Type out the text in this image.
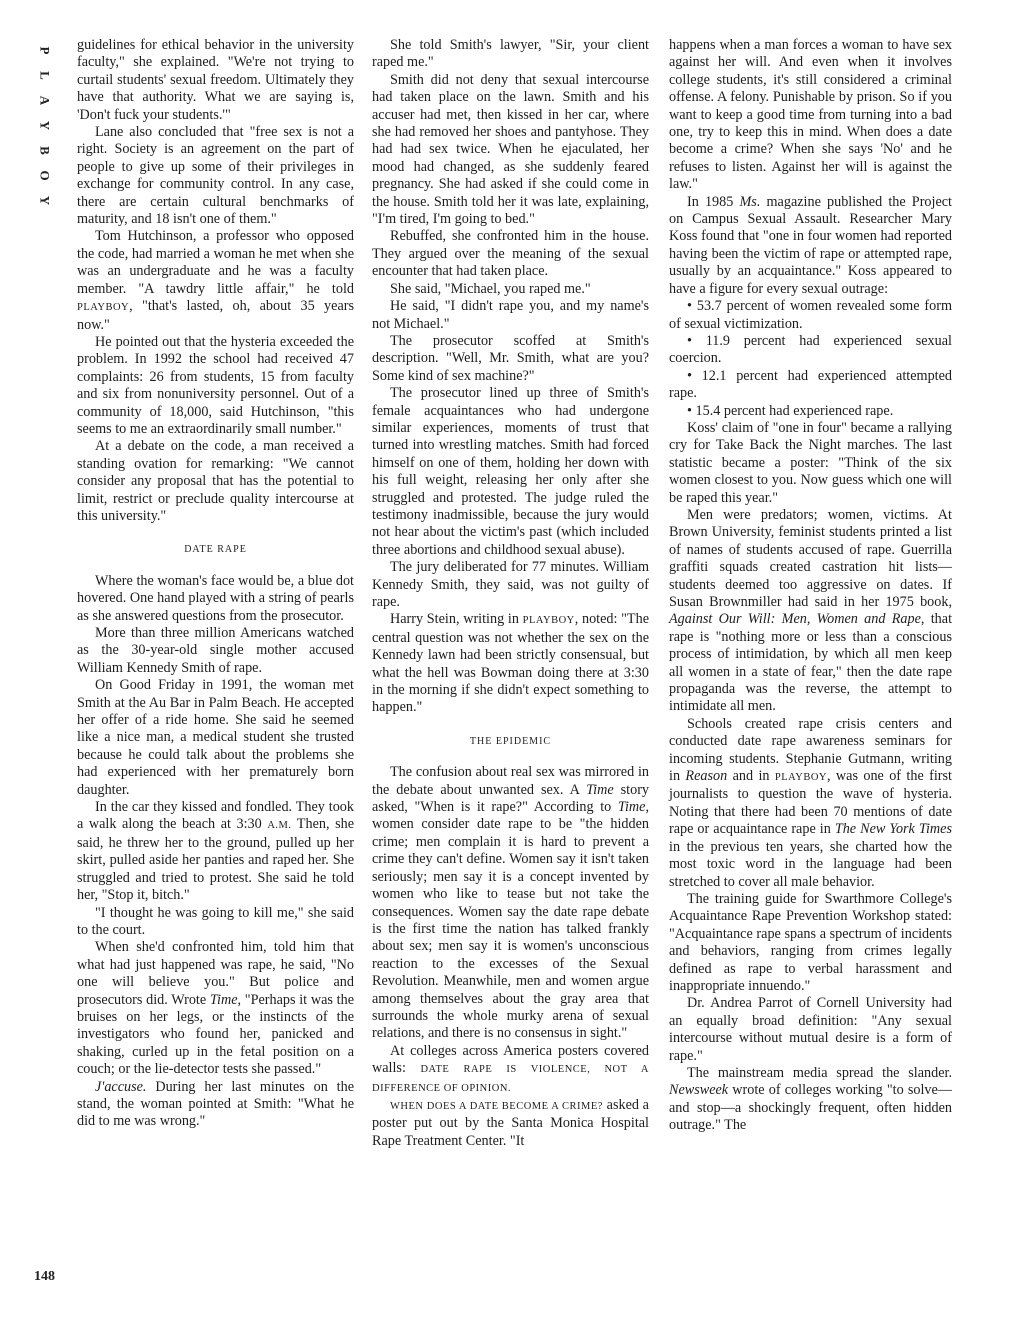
P
L
A
Y
B
O
Y
148

guidelines for ethical behavior in the university faculty," she explained. "We're not trying to curtail students' sexual freedom. Ultimately they have that authority. What we are saying is, 'Don't fuck your students.'"

Lane also concluded that "free sex is not a right. Society is an agreement on the part of people to give up some of their privileges in exchange for community control. In any case, there are certain cultural benchmarks of maturity, and 18 isn't one of them."

Tom Hutchinson, a professor who opposed the code, had married a woman he met when she was an undergraduate and he was a faculty member. "A tawdry little affair," he told PLAYBOY, "that's lasted, oh, about 35 years now."

He pointed out that the hysteria exceeded the problem. In 1992 the school had received 47 complaints: 26 from students, 15 from faculty and six from nonuniversity personnel. Out of a community of 18,000, said Hutchinson, "this seems to me an extraordinarily small number."

At a debate on the code, a man received a standing ovation for remarking: "We cannot consider any proposal that has the potential to limit, restrict or preclude quality intercourse at this university."

DATE RAPE

Where the woman's face would be, a blue dot hovered. One hand played with a string of pearls as she answered questions from the prosecutor.

More than three million Americans watched as the 30-year-old single mother accused William Kennedy Smith of rape.

On Good Friday in 1991, the woman met Smith at the Au Bar in Palm Beach. He accepted her offer of a ride home. She said he seemed like a nice man, a medical student she trusted because he could talk about the problems she had experienced with her prematurely born daughter.

In the car they kissed and fondled. They took a walk along the beach at 3:30 A.M. Then, she said, he threw her to the ground, pulled up her skirt, pulled aside her panties and raped her. She struggled and tried to protest. She said he told her, "Stop it, bitch."

"I thought he was going to kill me," she said to the court.

When she'd confronted him, told him that what had just happened was rape, he said, "No one will believe you." But police and prosecutors did. Wrote Time, "Perhaps it was the bruises on her legs, or the instincts of the investigators who found her, panicked and shaking, curled up in the fetal position on a couch; or the lie-detector tests she passed."

J'accuse. During her last minutes on the stand, the woman pointed at Smith: "What he did to me was wrong."

She told Smith's lawyer, "Sir, your client raped me."

Smith did not deny that sexual intercourse had taken place on the lawn. Smith and his accuser had met, then kissed in her car, where she had removed her shoes and pantyhose. They had had sex twice. When he ejaculated, her mood had changed, as she suddenly feared pregnancy. She had asked if she could come in the house. Smith told her it was late, explaining, "I'm tired, I'm going to bed."

Rebuffed, she confronted him in the house. They argued over the meaning of the sexual encounter that had taken place.

She said, "Michael, you raped me."

He said, "I didn't rape you, and my name's not Michael."

The prosecutor scoffed at Smith's description. "Well, Mr. Smith, what are you? Some kind of sex machine?"

The prosecutor lined up three of Smith's female acquaintances who had undergone similar experiences, moments of trust that turned into wrestling matches. Smith had forced himself on one of them, holding her down with his full weight, releasing her only after she struggled and protested. The judge ruled the testimony inadmissible, because the jury would not hear about the victim's past (which included three abortions and childhood sexual abuse).

The jury deliberated for 77 minutes. William Kennedy Smith, they said, was not guilty of rape.

Harry Stein, writing in PLAYBOY, noted: "The central question was not whether the sex on the Kennedy lawn had been strictly consensual, but what the hell was Bowman doing there at 3:30 in the morning if she didn't expect something to happen."

THE EPIDEMIC

The confusion about real sex was mirrored in the debate about unwanted sex. A Time story asked, "When is it rape?" According to Time, women consider date rape to be "the hidden crime; men complain it is hard to prevent a crime they can't define. Women say it isn't taken seriously; men say it is a concept invented by women who like to tease but not take the consequences. Women say the date rape debate is the first time the nation has talked frankly about sex; men say it is women's unconscious reaction to the excesses of the Sexual Revolution. Meanwhile, men and women argue among themselves about the gray area that surrounds the whole murky arena of sexual relations, and there is no consensus in sight."

At colleges across America posters covered walls: DATE RAPE IS VIOLENCE, NOT A DIFFERENCE OF OPINION.

WHEN DOES A DATE BECOME A CRIME? asked a poster put out by the Santa Monica Hospital Rape Treatment Center. "It

happens when a man forces a woman to have sex against her will. And even when it involves college students, it's still considered a criminal offense. A felony. Punishable by prison. So if you want to keep a good time from turning into a bad one, try to keep this in mind. When does a date become a crime? When she says 'No' and he refuses to listen. Against her will is against the law."

In 1985 Ms. magazine published the Project on Campus Sexual Assault. Researcher Mary Koss found that "one in four women had reported having been the victim of rape or attempted rape, usually by an acquaintance." Koss appeared to have a figure for every sexual outrage:

• 53.7 percent of women revealed some form of sexual victimization.

• 11.9 percent had experienced sexual coercion.

• 12.1 percent had experienced attempted rape.

• 15.4 percent had experienced rape.

Koss' claim of "one in four" became a rallying cry for Take Back the Night marches. The last statistic became a poster: "Think of the six women closest to you. Now guess which one will be raped this year."

Men were predators; women, victims. At Brown University, feminist students printed a list of names of students accused of rape. Guerrilla graffiti squads created castration hit lists—students deemed too aggressive on dates. If Susan Brownmiller had said in her 1975 book, Against Our Will: Men, Women and Rape, that rape is "nothing more or less than a conscious process of intimidation, by which all men keep all women in a state of fear," then the date rape propaganda was the reverse, the attempt to intimidate all men.

Schools created rape crisis centers and conducted date rape awareness seminars for incoming students. Stephanie Gutmann, writing in Reason and in PLAYBOY, was one of the first journalists to question the wave of hysteria. Noting that there had been 70 mentions of date rape or acquaintance rape in The New York Times in the previous ten years, she charted how the most toxic word in the language had been stretched to cover all male behavior.

The training guide for Swarthmore College's Acquaintance Rape Prevention Workshop stated: "Acquaintance rape spans a spectrum of incidents and behaviors, ranging from crimes legally defined as rape to verbal harassment and inappropriate innuendo."

Dr. Andrea Parrot of Cornell University had an equally broad definition: "Any sexual intercourse without mutual desire is a form of rape."

The mainstream media spread the slander. Newsweek wrote of colleges working "to solve—and stop—a shockingly frequent, often hidden outrage." The
